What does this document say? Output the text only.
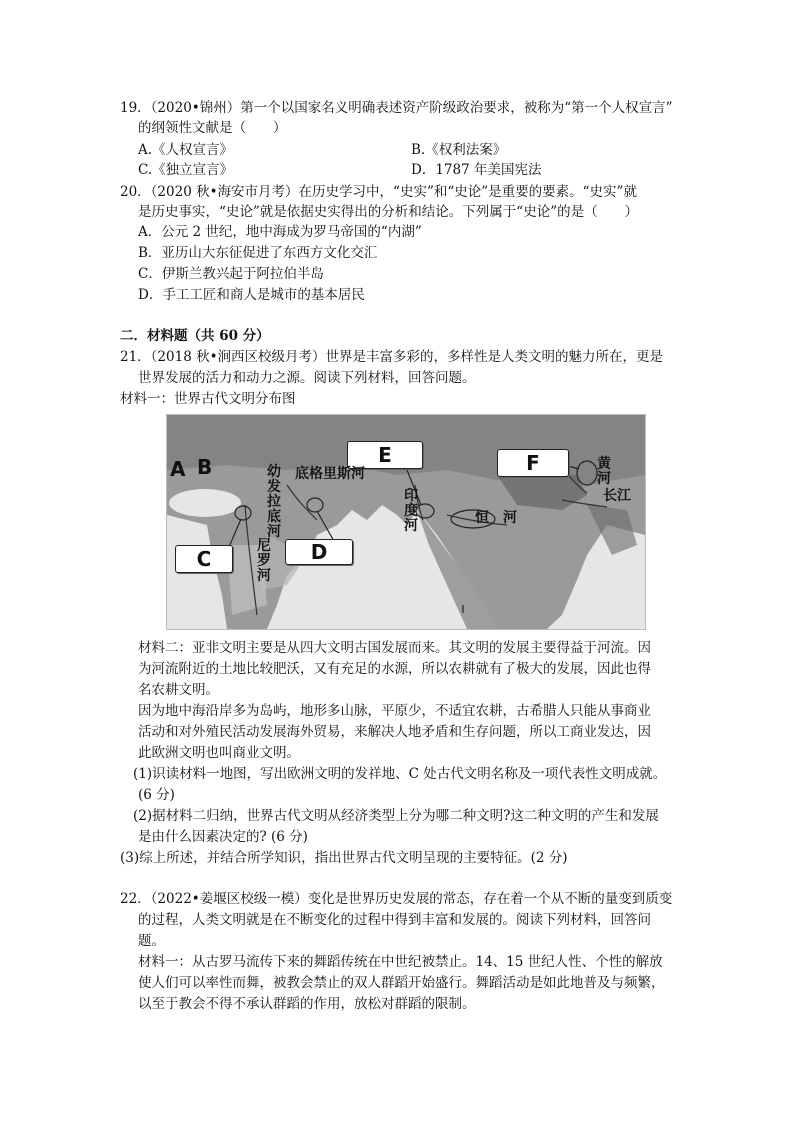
19．（2020•锦州）第一个以国家名义明确表述资产阶级政治要求，被称为“第一个人权宣言”
的纲领性文献是（　　）
A.《人权宣言》	B.《权利法案》
C.《独立宣言》	D．1787 年美国宪法
20．（2020 秋•海安市月考）在历史学习中，“史实”和“史论”是重要的要素。“史实”就
是历史事实，“史论”就是依据史实得出的分析和结论。下列属于“史论”的是（　　）
A．公元 2 世纪，地中海成为罗马帝国的“内湖”
B．亚历山大东征促进了东西方文化交汇
C．伊斯兰教兴起于阿拉伯半岛
D．手工工匠和商人是城市的基本居民
二．材料题（共 60 分）
21．（2018 秋•涧西区校级月考）世界是丰富多彩的，多样性是人类文明的魅力所在，更是
世界发展的活力和动力之源。阅读下列材料，回答问题。
材料一：世界古代文明分布图
A B
C	D
E	F
幼发拉底河
底格里斯河
尼罗河
印度河	恒河
黄河
长江
材料二：亚非文明主要是从四大文明古国发展而来。其文明的发展主要得益于河流。因
为河流附近的土地比较肥沃，又有充足的水源，所以农耕就有了极大的发展，因此也得
名农耕文明。
因为地中海沿岸多为岛屿，地形多山脉，平原少，不适宜农耕，古希腊人只能从事商业
活动和对外殖民活动发展海外贸易，来解决人地矛盾和生存问题，所以工商业发达，因
此欧洲文明也叫商业文明。
(1)识读材料一地图，写出欧洲文明的发祥地、C 处古代文明名称及一项代表性文明成就。
(6 分)
(2)据材料二归纳，世界古代文明从经济类型上分为哪二种文明?这二种文明的产生和发展
是由什么因素决定的? (6 分)
(3)综上所述，并结合所学知识，指出世界古代文明呈现的主要特征。(2 分)
22．（2022•姜堰区校级一模）变化是世界历史发展的常态，存在着一个从不断的量变到质变
的过程，人类文明就是在不断变化的过程中得到丰富和发展的。阅读下列材料，回答问
题。
材料一：从古罗马流传下来的舞蹈传统在中世纪被禁止。14、15 世纪人性、个性的解放
使人们可以率性而舞，被教会禁止的双人群蹈开始盛行。舞蹈活动是如此地普及与频繁，
以至于教会不得不承认群蹈的作用，放松对群蹈的限制。
